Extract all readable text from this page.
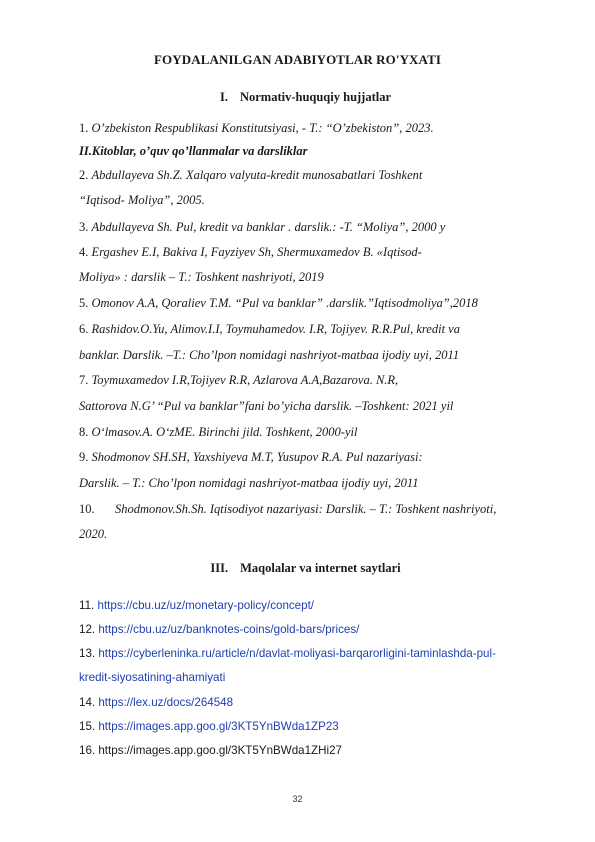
FOYDALANILGAN ADABIYOTLAR RO'YXATI
I. Normativ-huquqiy hujjatlar
1. O’zbekiston Respublikasi Konstitutsiyasi, - T.: “O’zbekiston”, 2023.
II.Kitoblar, o’quv qo’llanmalar va darsliklar
2. Abdullayeva Sh.Z. Xalqaro valyuta-kredit munosabatlari Toshkent
“Iqtisod- Moliya”, 2005.
3. Abdullayeva Sh. Pul, kredit va banklar . darslik.: -T. “Moliya”, 2000 y
4. Ergashev E.I, Bakiva I, Fayziyev Sh, Shermuxamedov B. «Iqtisod-
Moliya» : darslik – T.: Toshkent nashriyoti, 2019
5. Omonov A.A, Qoraliev T.M. “Pul va banklar” .darslik.”Iqtisodmoliya”,2018
6. Rashidov.O.Yu, Alimov.I.I, Toymuhamedov. I.R, Tojiyev. R.R.Pul, kredit va
banklar. Darslik. –T.: Cho’lpon nomidagi nashriyot-matbaa ijodiy uyi, 2011
7. Toymuxamedov I.R,Tojiyev R.R, Azlarova A.A,Bazarova. N.R,
Sattorova N.G’ “Pul va banklar”fani bo’yicha darslik. –Toshkent: 2021 yil
8. O‘lmasov.A. O‘zME. Birinchi jild. Toshkent, 2000-yil
9. Shodmonov SH.SH, Yaxshiyeva M.T, Yusupov R.A. Pul nazariyasi:
Darslik. – T.: Cho’lpon nomidagi nashriyot-matbaa ijodiy uyi, 2011
10. Shodmonov.Sh.Sh. Iqtisodiyot nazariyasi: Darslik. – T.: Toshkent nashriyoti,
2020.
III. Maqolalar va internet saytlari
11. https://cbu.uz/uz/monetary-policy/concept/
12. https://cbu.uz/uz/banknotes-coins/gold-bars/prices/
13. https://cyberleninka.ru/article/n/davlat-moliyasi-barqarorligini-taminlashda-pul-
kredit-siyosatining-ahamiyati
14. https://lex.uz/docs/264548
15. https://images.app.goo.gl/3KT5YnBWda1ZP23
16. https://images.app.goo.gl/3KT5YnBWda1ZHi27
32
